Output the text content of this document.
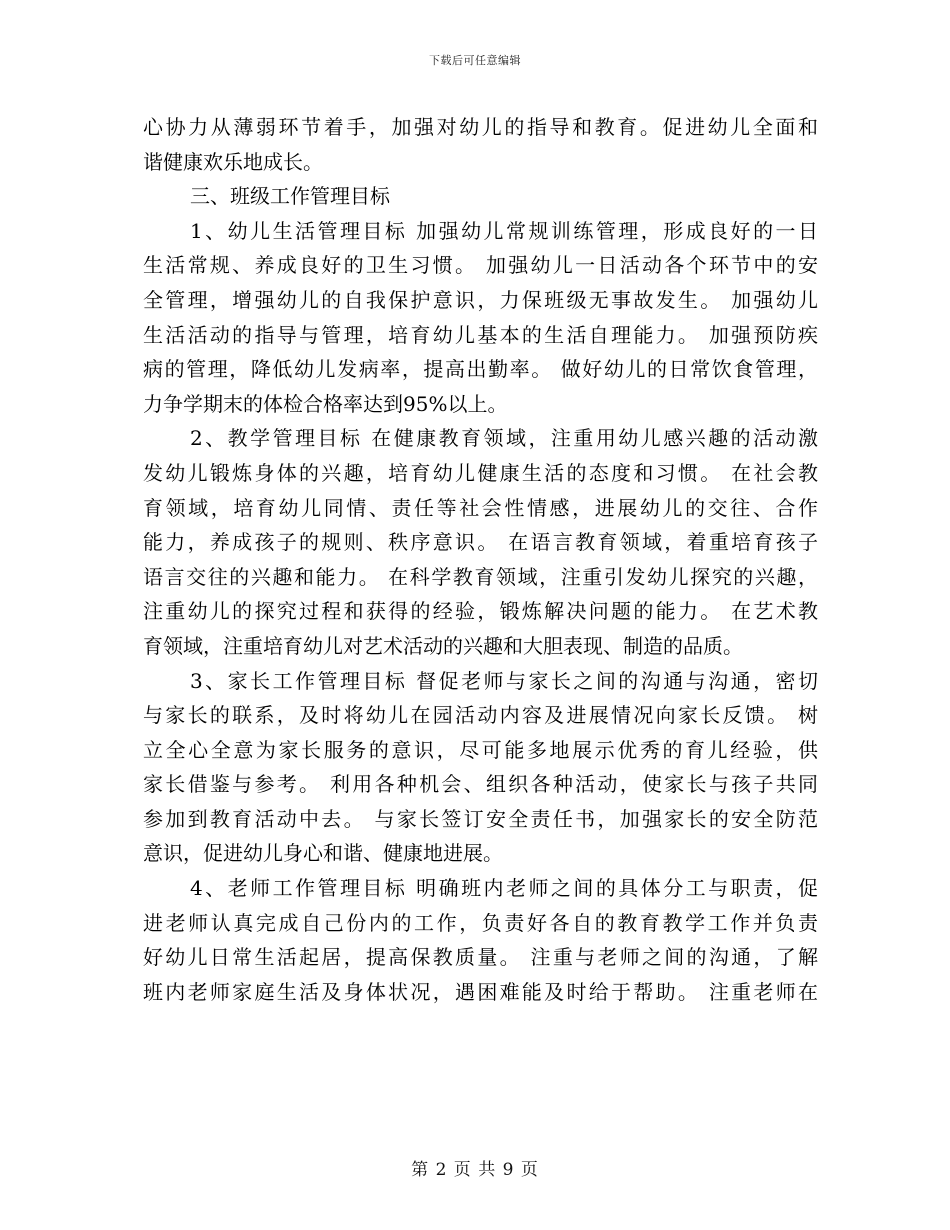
下载后可任意编辑
心协力从薄弱环节着手，加强对幼儿的指导和教育。促进幼儿全面和
谐健康欢乐地成长。
三、班级工作管理目标
1、幼儿生活管理目标 加强幼儿常规训练管理，形成良好的一日
生活常规、养成良好的卫生习惯。 加强幼儿一日活动各个环节中的安
全管理，增强幼儿的自我保护意识，力保班级无事故发生。 加强幼儿
生活活动的指导与管理，培育幼儿基本的生活自理能力。 加强预防疾
病的管理，降低幼儿发病率，提高出勤率。 做好幼儿的日常饮食管理，
力争学期末的体检合格率达到95%以上。
2、教学管理目标 在健康教育领域，注重用幼儿感兴趣的活动激
发幼儿锻炼身体的兴趣，培育幼儿健康生活的态度和习惯。 在社会教
育领域，培育幼儿同情、责任等社会性情感，进展幼儿的交往、合作
能力，养成孩子的规则、秩序意识。 在语言教育领域，着重培育孩子
语言交往的兴趣和能力。 在科学教育领域，注重引发幼儿探究的兴趣，
注重幼儿的探究过程和获得的经验，锻炼解决问题的能力。 在艺术教
育领域，注重培育幼儿对艺术活动的兴趣和大胆表现、制造的品质。
3、家长工作管理目标 督促老师与家长之间的沟通与沟通，密切
与家长的联系，及时将幼儿在园活动内容及进展情况向家长反馈。 树
立全心全意为家长服务的意识，尽可能多地展示优秀的育儿经验，供
家长借鉴与参考。 利用各种机会、组织各种活动，使家长与孩子共同
参加到教育活动中去。 与家长签订安全责任书，加强家长的安全防范
意识，促进幼儿身心和谐、健康地进展。
4、老师工作管理目标 明确班内老师之间的具体分工与职责，促
进老师认真完成自己份内的工作，负责好各自的教育教学工作并负责
好幼儿日常生活起居，提高保教质量。 注重与老师之间的沟通，了解
班内老师家庭生活及身体状况，遇困难能及时给于帮助。 注重老师在
第 2 页 共 9 页
